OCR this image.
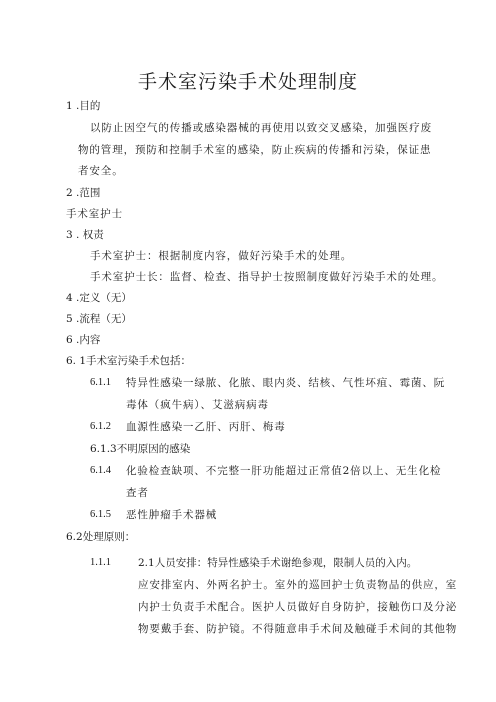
手术室污染手术处理制度
1 .目的
以防止因空气的传播或感染器械的再使用以致交叉感染，加强医疗废
物的管理，预防和控制手术室的感染，防止疾病的传播和污染，保证患
者安全。
2 .范围
手术室护士
3 . 权责
手术室护士：根据制度内容，做好污染手术的处理。
手术室护士长：监督、检查、指导护士按照制度做好污染手术的处理。
4 .定义（无）
5 .流程（无）
6 .内容
6. 1手术室污染手术包括：
6.1.1 特异性感染一绿脓、化脓、眼内炎、结核、气性坏疽、霉菌、阮
毒体（疯牛病）、艾滋病病毒
6.1.2 血源性感染一乙肝、丙肝、梅毒
6.1.3不明原因的感染
6.1.4 化验检查缺项、不完整一肝功能超过正常值2倍以上、无生化检
查者
6.1.5 恶性肿瘤手术器械
6.2处理原则：
1.1.1	2.1人员安排：特异性感染手术谢绝参观，限制人员的入内。
应安排室内、外两名护士。室外的巡回护士负责物品的供应，室
内护士负责手术配合。医护人员做好自身防护，接触伤口及分泌
物要戴手套、防护镜。不得随意串手术间及触碰手术间的其他物
